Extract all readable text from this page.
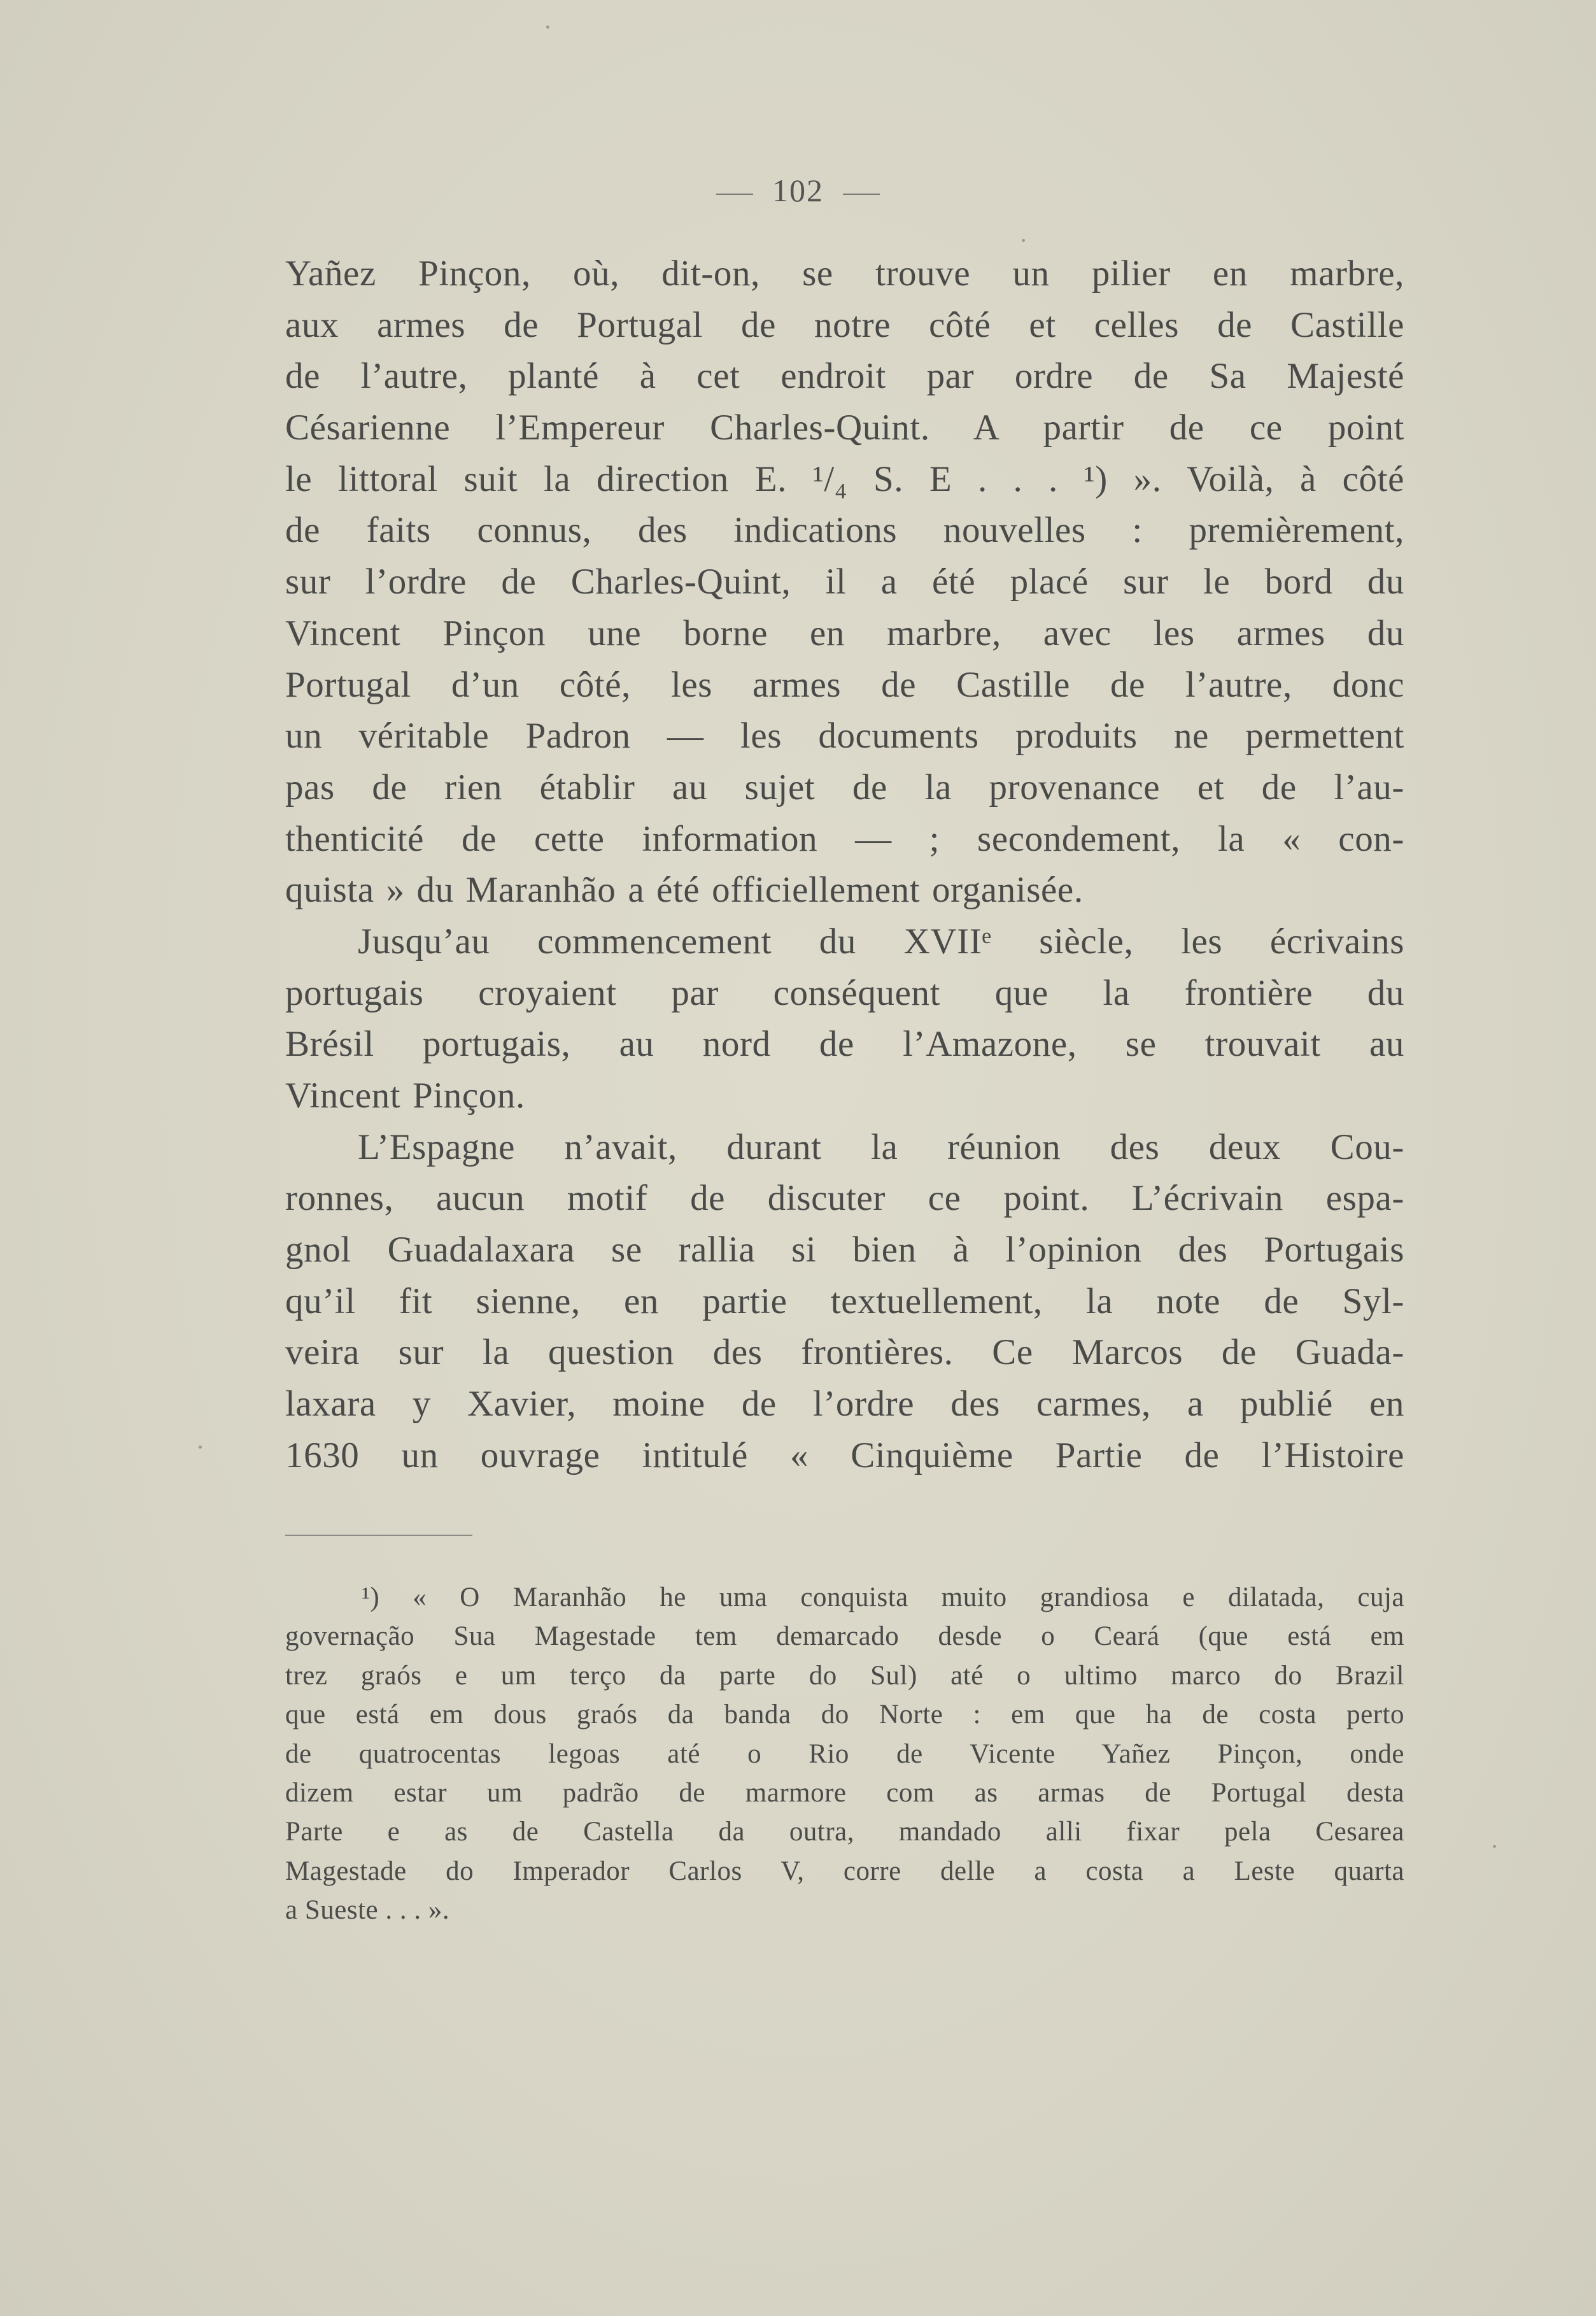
102
Yañez Pinçon, où, dit-on, se trouve un pilier en marbre,
aux armes de Portugal de notre côté et celles de Castille
de l’autre, planté à cet endroit par ordre de Sa Majesté
Césarienne l’Empereur Charles-Quint. A partir de ce point
le littoral suit la direction E. ¹/₄ S. E . . . ¹) ». Voilà, à côté
de faits connus, des indications nouvelles : premièrement,
sur l’ordre de Charles-Quint, il a été placé sur le bord du
Vincent Pinçon une borne en marbre, avec les armes du
Portugal d’un côté, les armes de Castille de l’autre, donc
un véritable Padron — les documents produits ne permettent
pas de rien établir au sujet de la provenance et de l’au-
thenticité de cette information — ; secondement, la « con-
quista » du Maranhão a été officiellement organisée.
Jusqu’au commencement du XVIIᵉ siècle, les écrivains
portugais croyaient par conséquent que la frontière du
Brésil portugais, au nord de l’Amazone, se trouvait au
Vincent Pinçon.
L’Espagne n’avait, durant la réunion des deux Cou-
ronnes, aucun motif de discuter ce point. L’écrivain espa-
gnol Guadalaxara se rallia si bien à l’opinion des Portugais
qu’il fit sienne, en partie textuellement, la note de Syl-
veira sur la question des frontières. Ce Marcos de Guada-
laxara y Xavier, moine de l’ordre des carmes, a publié en
1630 un ouvrage intitulé « Cinquième Partie de l’Histoire
¹) « O Maranhão he uma conquista muito grandiosa e dilatada, cuja
governação Sua Magestade tem demarcado desde o Ceará (que está em
trez graós e um terço da parte do Sul) até o ultimo marco do Brazil
que está em dous graós da banda do Norte : em que ha de costa perto
de quatrocentas legoas até o Rio de Vicente Yañez Pinçon, onde
dizem estar um padrão de marmore com as armas de Portugal desta
Parte e as de Castella da outra, mandado alli fixar pela Cesarea
Magestade do Imperador Carlos V, corre delle a costa a Leste quarta
a Sueste . . . ».
